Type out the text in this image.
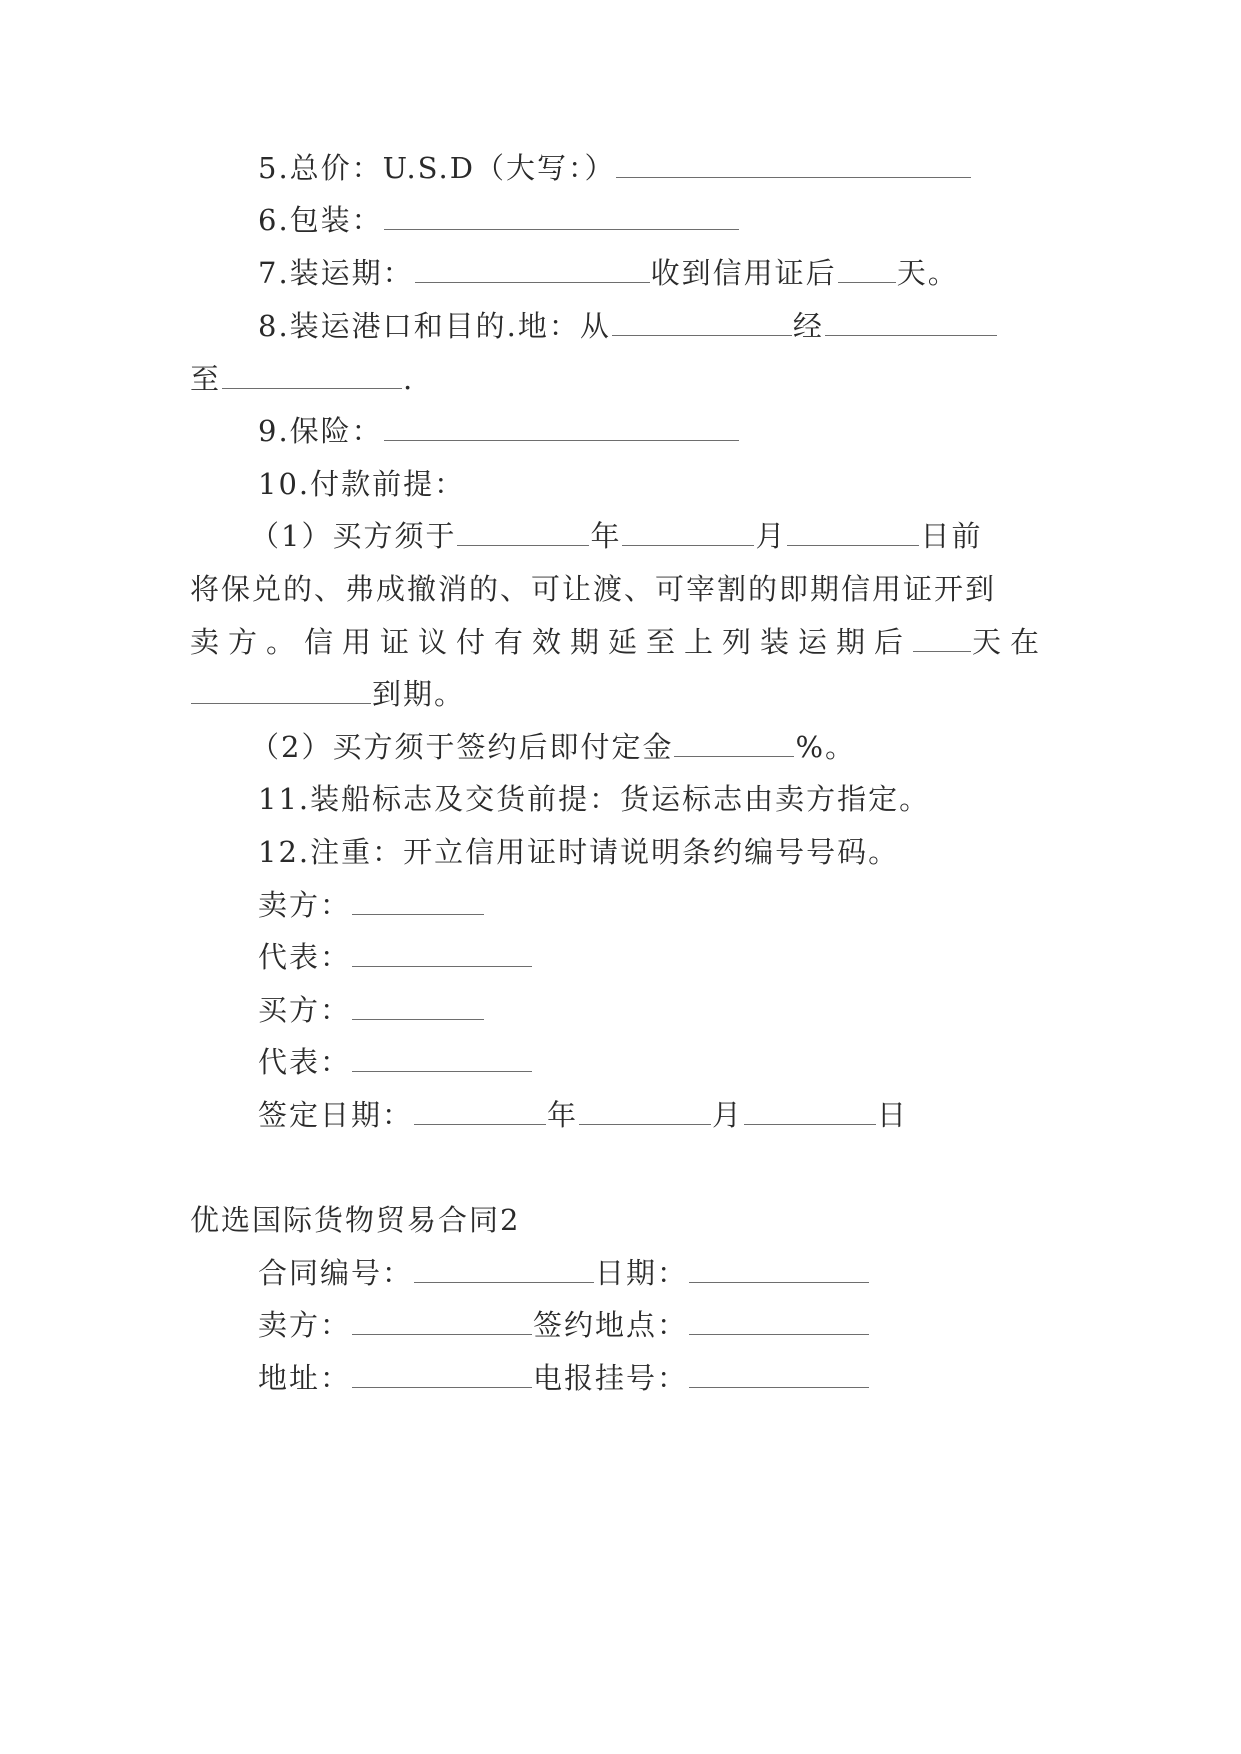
5.总价：U.S.D（大写：）
6.包装：
7.装运期：	收到信用证后 天。
8.装运港口和目的.地：从	经
至	.
9.保险：
10.付款前提：
（1）买方须于	年	月	日前
将保兑的、弗成撤消的、可让渡、可宰割的即期信用证开到
卖方。信用证议付有效期延至上列装运期后 天在
到期。
（2）买方须于签约后即付定金	%。
11.装船标志及交货前提：货运标志由卖方指定。
12.注重：开立信用证时请说明条约编号号码。
卖方：
代表：
买方：
代表：
签定日期：	年	月	日
优选国际货物贸易合同2
合同编号：	日期：
卖方：	签约地点：
地址：	电报挂号：
